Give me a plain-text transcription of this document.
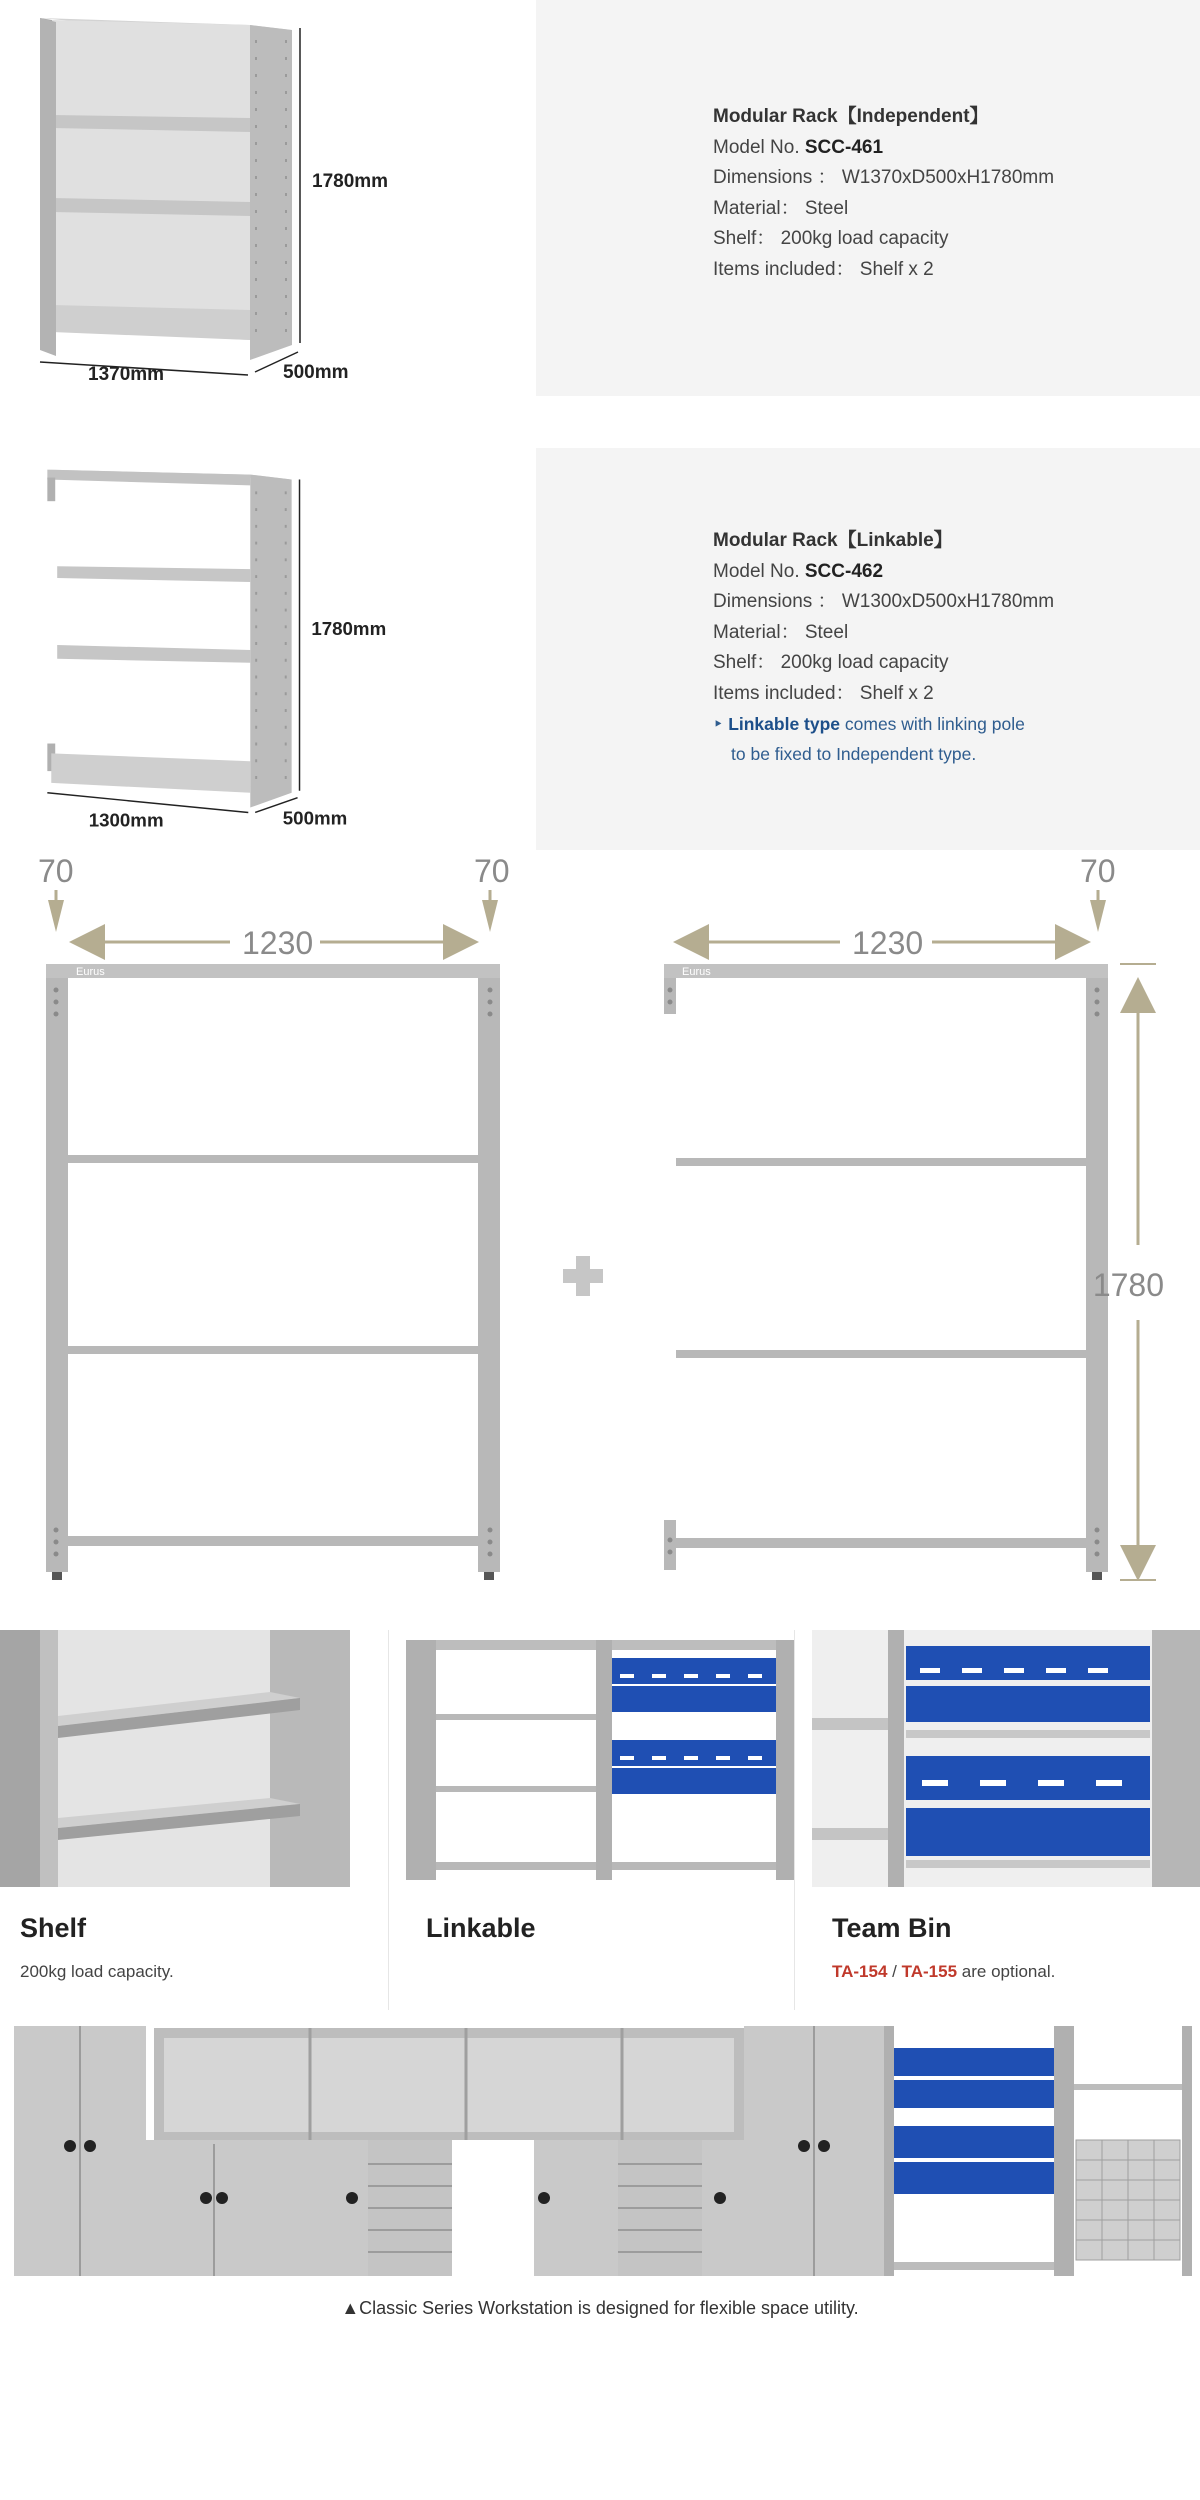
1780mm
1370mm	500mm
Modular Rack【Independent】
Model No. SCC-461
Dimensions ： W1370xD500xH1780mm
Material： Steel
Shelf： 200kg load capacity
Items included： Shelf x 2
1780mm
1300mm	500mm
Modular Rack【Linkable】
Model No. SCC-462
Dimensions ： W1300xD500xH1780mm
Material： Steel
Shelf： 200kg load capacity
Items included： Shelf x 2
‣ Linkable type comes with linking pole
to be fixed to Independent type.
70	70
1230
Eurus
1230
70
Eurus
1780
Shelf
200kg load capacity.
Linkable	Team Bin
TA-154 / TA-155 are optional.
▲Classic Series Workstation is designed for flexible space utility.
